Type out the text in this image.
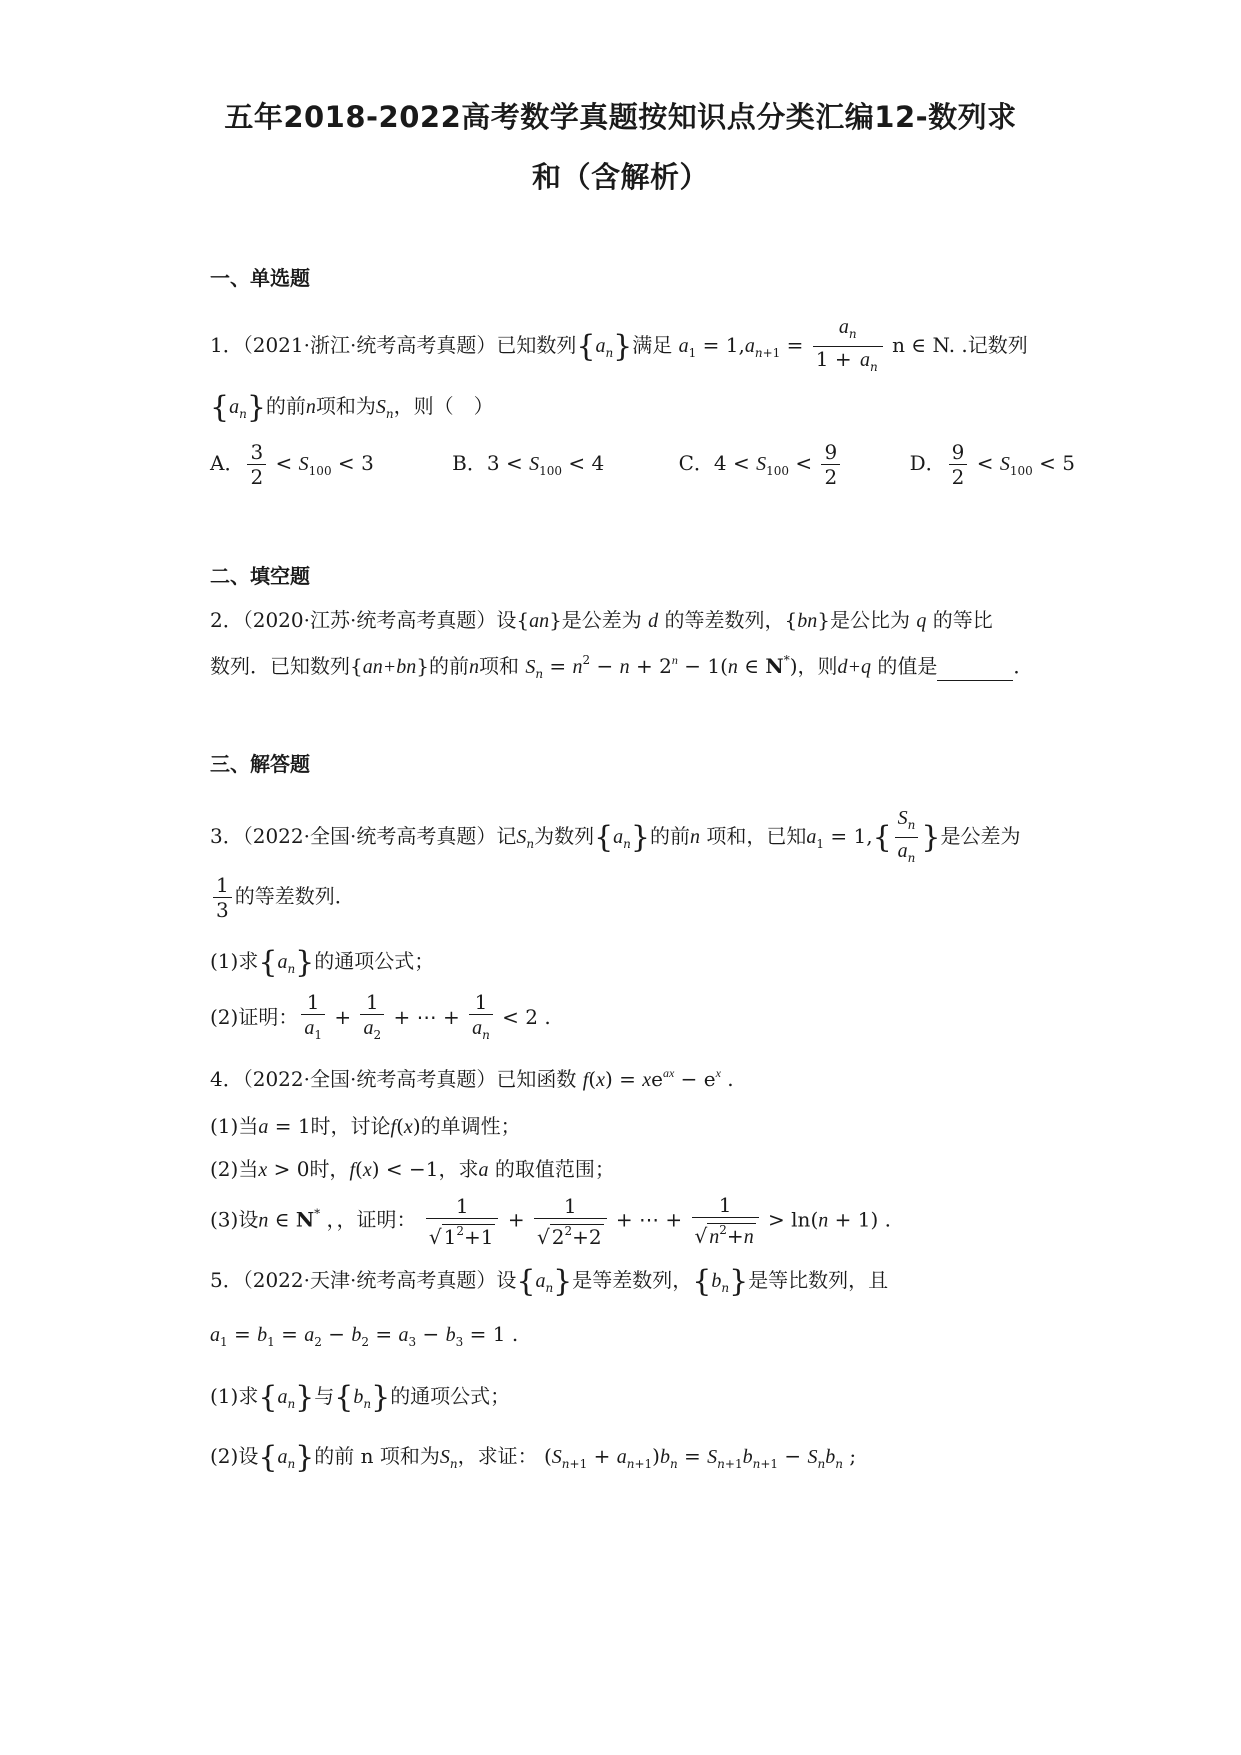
五年2018-2022高考数学真题按知识点分类汇编12-数列求
和（含解析）
一、单选题
1．（2021·浙江·统考高考真题）已知数列$\{a_n\}$满足 $a_1 = 1,a_{n+1} = \frac{a_n}{1 + a_n}$ n ∈ N. .记数列
$\{a_n\}$的前n项和为$S_n$，则（　）
A． $\frac{3}{2} < S_{100} < 3$	B．$3 < S_{100} < 4$	C．$4 < S_{100} < \frac{9}{2}$	D． $\frac{9}{2} < S_{100} < 5$
二、填空题
2．（2020·江苏·统考高考真题）设{an}是公差为 d 的等差数列，{bn}是公比为 q 的等比
数列．已知数列{an+bn}的前n项和 $S_n = n^2 - n + 2^n - 1(n$ ∈ N*)，则d+q 的值是	．
三、解答题
3．（2022·全国·统考高考真题）记$S_n$为数列$\{a_n\}$的前n 项和，已知$a_1 = 1,\{ \frac{S_n}{a_n}$ }是公差为
$\frac{1}{3}$ 的等差数列．
(1)求$\{a_n\}$的通项公式；
(2)证明： $\frac{1}{a_1} + \frac{1}{a_2}$ + ⋯ + $\frac{1}{a_n} < 2$ .
4．（2022·全国·统考高考真题）已知函数 $f(x) = xe^{ax} - e^x$ .
(1)当a = 1时，讨论f(x)的单调性；
(2)当x > 0时，f(x) < −1，求a 的取值范围；
(3)设n ∈ N* ，，证明： $\frac{1}{√ 1^2+1} + \frac{1}{√ 2^2+2}$ + ⋯ + $\frac{1}{√ n^2+n} > \ln(n + 1)$ .
5．（2022·天津·统考高考真题）设$\{a_n\}$是等差数列，$\{b_n\}$是等比数列，且
$a_1 = b_1 = a_2 - b_2 = a_3 - b_3 = 1$ .
(1)求$\{a_n\}$与$\{b_n\}$的通项公式；
(2)设$\{a_n\}$的前 n 项和为$S_n$，求证： $(S_{n+1} + a_{n+1})b_n = S_{n+1}b_{n+1} - S_nb_n$ ;
